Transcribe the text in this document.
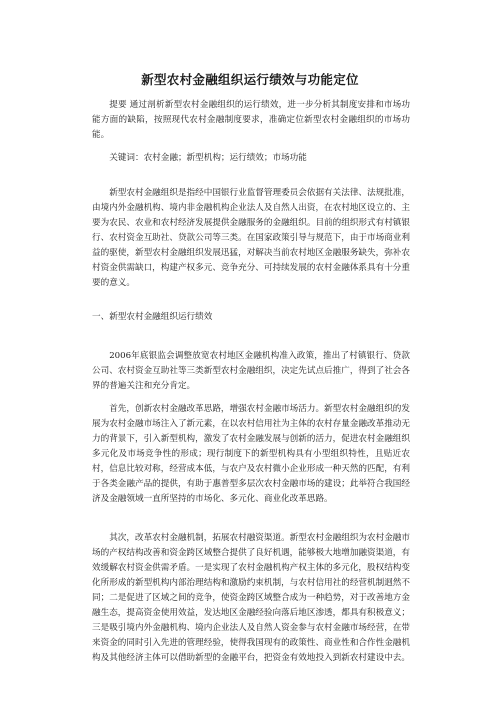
新型农村金融组织运行绩效与功能定位

提要 通过剖析新型农村金融组织的运行绩效，进一步分析其制度安排和市场功能方面的缺陷，按照现代农村金融制度要求，准确定位新型农村金融组织的市场功能。

关键词：农村金融；新型机构；运行绩效；市场功能

新型农村金融组织是指经中国银行业监督管理委员会依据有关法律、法规批准，由境内外金融机构、境内非金融机构企业法人及自然人出资，在农村地区设立的、主要为农民、农业和农村经济发展提供金融服务的金融组织。目前的组织形式有村镇银行、农村资金互助社、贷款公司等三类。在国家政策引导与规范下，由于市场商业利益的驱使，新型农村金融组织发展迅猛，对解决当前农村地区金融服务缺失，弥补农村资金供需缺口，构建产权多元、竞争充分、可持续发展的农村金融体系具有十分重要的意义。

一、新型农村金融组织运行绩效

2006年底银监会调整放宽农村地区金融机构准入政策，推出了村镇银行、贷款公司、农村资金互助社等三类新型农村金融组织，决定先试点后推广，得到了社会各界的普遍关注和充分肯定。

首先，创新农村金融改革思路，增强农村金融市场活力。新型农村金融组织的发展为农村金融市场注入了新元素，在以农村信用社为主体的农村存量金融改革推动无力的背景下，引入新型机构，激发了农村金融发展与创新的活力，促进农村金融组织多元化及市场竞争性的形成；现行制度下的新型机构具有小型组织特性，且贴近农村，信息比较对称，经营成本低，与农户及农村微小企业形成一种天然的匹配，有利于各类金融产品的提供，有助于惠普型多层次农村金融市场的建设；此举符合我国经济及金融领域一直所坚持的市场化、多元化、商业化改革思路。

其次，改革农村金融机制，拓展农村融资渠道。新型农村金融组织为农村金融市场的产权结构改善和资金跨区域整合提供了良好机遇，能够极大地增加融资渠道，有效缓解农村资金供需矛盾。一是实现了农村金融机构产权主体的多元化，股权结构变化所形成的新型机构内部治理结构和激励约束机制，与农村信用社的经营机制迥然不同；二是促进了区域之间的竞争，使资金跨区域整合成为一种趋势，对于改善地方金融生态，提高资金使用效益，发达地区金融经验向落后地区渗透，都具有积极意义；三是吸引境内外金融机构、境内企业法人及自然人资金参与农村金融市场经营，在带来资金的同时引入先进的管理经验，使得我国现有的政策性、商业性和合作性金融机构及其他经济主体可以借助新型的金融平台，把资金有效地投入到新农村建设中去。
